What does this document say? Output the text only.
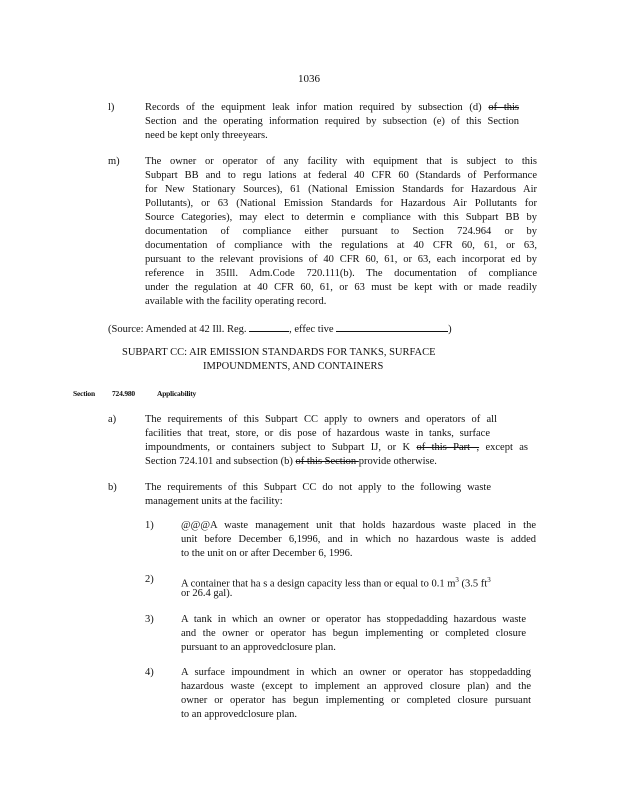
1036
l)	Records of the equipment leak infor mation required by subsection (d) of this
Section and the operating information required by subsection (e) of this Section
need be kept only threeyears.
m) The owner or operator of any facility with equipment that is subject to this
Subpart BB and to regu lations at federal 40 CFR 60 (Standards of Performance
for New Stationary Sources), 61 (National Emission Standards for Hazardous Air
Pollutants), or 63 (National Emission Standards for Hazardous Air Pollutants for
Source Categories), may elect to determin e compliance with this Subpart BB by
documentation of compliance either pursuant to Section 724.964 or by
documentation of compliance with the regulations at 40 CFR 60, 61, or 63,
pursuant to the relevant provisions of 40 CFR 60, 61, or 63, each incorporat ed by
reference in 35Ill. Adm.Code 720.111(b). The documentation of compliance
under the regulation at 40 CFR 60, 61, or 63 must be kept with or made readily
available with the facility operating record.
(Source: Amended at 42 Ill. Reg.	, effec tive	)
SUBPART CC: AIR EMISSION STANDARDS FOR TANKS, SURFACE
IMPOUNDMENTS, AND CONTAINERS
Section 724.980	Applicability
a)	The requirements of this Subpart CC apply to owners and operators of all
facilities that treat, store, or dis pose of hazardous waste in tanks, surface
impoundments, or containers subject to Subpart IJ, or K of this Part , except as
Section 724.101 and subsection (b) of this Section provide otherwise.
b)	The requirements of this Subpart CC do not apply to the following waste
management units at the facility:
1)	@@@A waste management unit that holds hazardous waste placed in the
unit before December 6,1996, and in which no hazardous waste is added
to the unit on or after December 6, 1996.
2)	A container that ha s a design capacity less than or equal to 0.1 $m^3$ (3.5 $ft^3$
or 26.4 gal).
3)	A tank in which an owner or operator has stoppedadding hazardous waste
and the owner or operator has begun implementing or completed closure
pursuant to an approvedclosure plan.
4)	A surface impoundment in which an owner or operator has stoppedadding
hazardous waste (except to implement an approved closure plan) and the
owner or operator has begun implementing or completed closure pursuant
to an approvedclosure plan.
